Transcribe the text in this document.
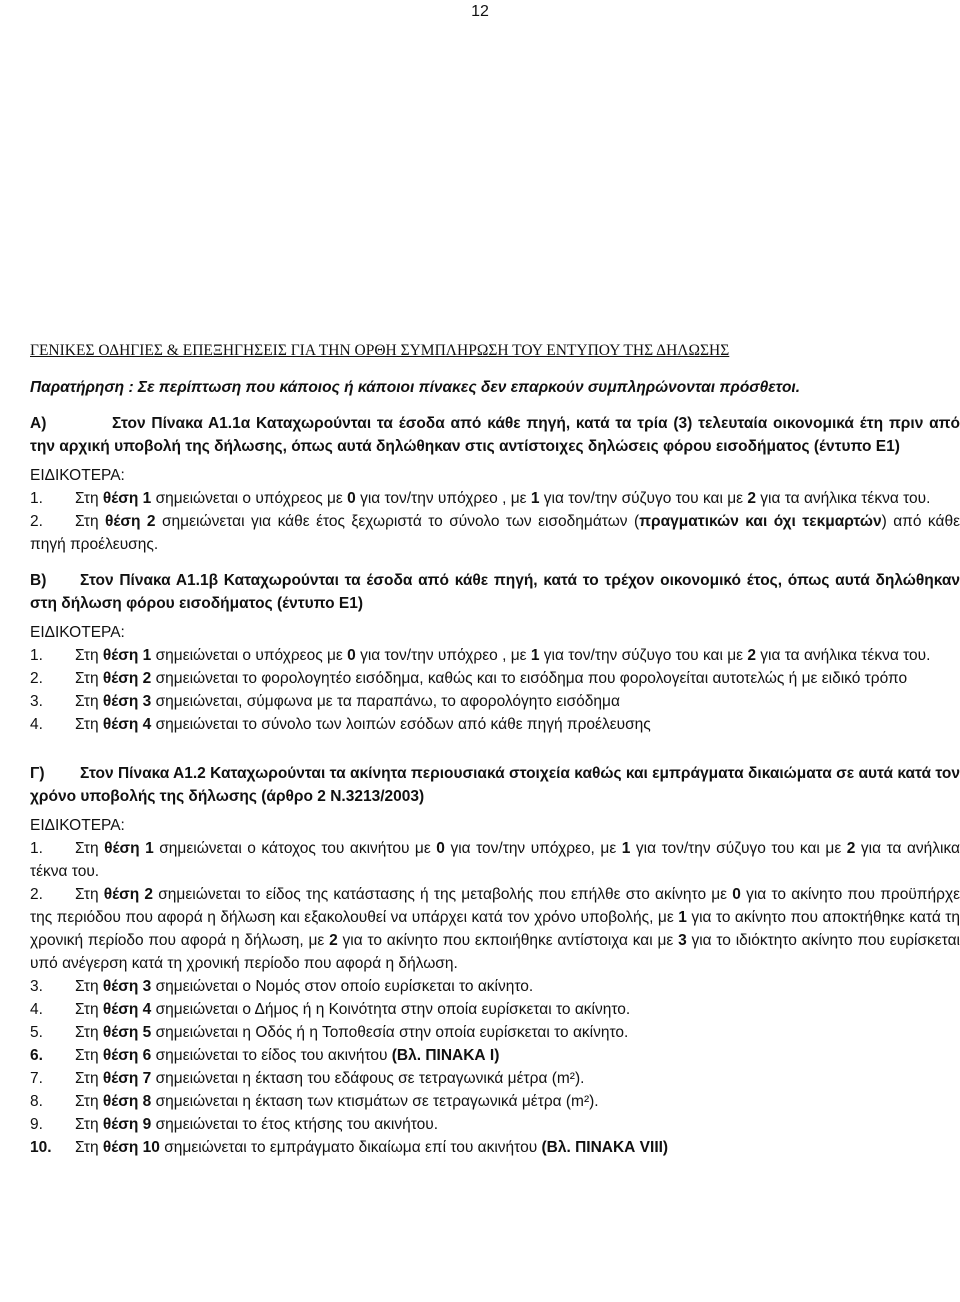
12
ΓΕΝΙΚΕΣ ΟΔΗΓΙΕΣ & ΕΠΕΞΗΓΗΣΕΙΣ ΓΙΑ ΤΗΝ ΟΡΘΗ ΣΥΜΠΛΗΡΩΣΗ ΤΟΥ ΕΝΤΥΠΟΥ ΤΗΣ ΔΗΛΩΣΗΣ

Παρατήρηση : Σε περίπτωση που κάποιος ή κάποιοι πίνακες δεν επαρκούν συμπληρώνονται πρόσθετοι.

Α)	Στον Πίνακα Α1.1α Καταχωρούνται τα έσοδα από κάθε πηγή, κατά τα τρία (3) τελευταία οικονομικά έτη πριν από την αρχική υποβολή της δήλωσης, όπως αυτά δηλώθηκαν στις αντίστοιχες δηλώσεις φόρου εισοδήματος (έντυπο Ε1)

ΕΙΔΙΚΟΤΕΡΑ:

1. Στη θέση 1 σημειώνεται ο υπόχρεος με 0 για τον/την υπόχρεο , με 1 για τον/την σύζυγο του και με 2 για τα ανήλικα τέκνα του.

2. Στη θέση 2 σημειώνεται για κάθε έτος ξεχωριστά το σύνολο των εισοδημάτων (πραγματικών και όχι τεκμαρτών) από κάθε πηγή προέλευσης.

Β) Στον Πίνακα Α1.1β Καταχωρούνται τα έσοδα από κάθε πηγή, κατά το τρέχον οικονομικό έτος, όπως αυτά δηλώθηκαν στη δήλωση φόρου εισοδήματος (έντυπο Ε1)

ΕΙΔΙΚΟΤΕΡΑ:

1. Στη θέση 1 σημειώνεται ο υπόχρεος με 0 για τον/την υπόχρεο , με 1 για τον/την σύζυγο του και με 2 για τα ανήλικα τέκνα του.

2. Στη θέση 2 σημειώνεται το φορολογητέο εισόδημα, καθώς και το εισόδημα που φορολογείται αυτοτελώς ή με ειδικό τρόπο

3. Στη θέση 3 σημειώνεται, σύμφωνα με τα παραπάνω, το αφορολόγητο εισόδημα

4. Στη θέση 4 σημειώνεται το σύνολο των λοιπών εσόδων από κάθε πηγή προέλευσης

Γ) Στον Πίνακα Α1.2 Καταχωρούνται τα ακίνητα περιουσιακά στοιχεία καθώς και εμπράγματα δικαιώματα σε αυτά κατά τον χρόνο υποβολής της δήλωσης (άρθρο 2 Ν.3213/2003)

ΕΙΔΙΚΟΤΕΡΑ:

1. Στη θέση 1 σημειώνεται ο κάτοχος του ακινήτου με 0 για τον/την υπόχρεο, με 1 για τον/την σύζυγο του και με 2 για τα ανήλικα τέκνα του.

2. Στη θέση 2 σημειώνεται το είδος της κατάστασης ή της μεταβολής που επήλθε στο ακίνητο με 0 για το ακίνητο που προϋπήρχε της περιόδου που αφορά η δήλωση και εξακολουθεί να υπάρχει κατά τον χρόνο υποβολής, με 1 για το ακίνητο που αποκτήθηκε κατά τη χρονική περίοδο που αφορά η δήλωση, με 2 για το ακίνητο που εκποιήθηκε αντίστοιχα και με 3 για το ιδιόκτητο ακίνητο που ευρίσκεται υπό ανέγερση κατά τη χρονική περίοδο που αφορά η δήλωση.

3. Στη θέση 3 σημειώνεται ο Νομός στον οποίο ευρίσκεται το ακίνητο.

4. Στη θέση 4 σημειώνεται ο Δήμος ή η Κοινότητα στην οποία ευρίσκεται το ακίνητο.

5. Στη θέση 5 σημειώνεται η Οδός ή η Τοποθεσία στην οποία ευρίσκεται το ακίνητο.

6. Στη θέση 6 σημειώνεται το είδος του ακινήτου (Βλ. ΠΙΝΑΚΑ Ι)

7. Στη θέση 7 σημειώνεται η έκταση του εδάφους σε τετραγωνικά μέτρα (m²).

8. Στη θέση 8 σημειώνεται η έκταση των κτισμάτων σε τετραγωνικά μέτρα (m²).

9. Στη θέση 9 σημειώνεται το έτος κτήσης του ακινήτου.

10. Στη θέση 10 σημειώνεται το εμπράγματο δικαίωμα επί του ακινήτου (Βλ. ΠΙΝΑΚΑ VIII)
